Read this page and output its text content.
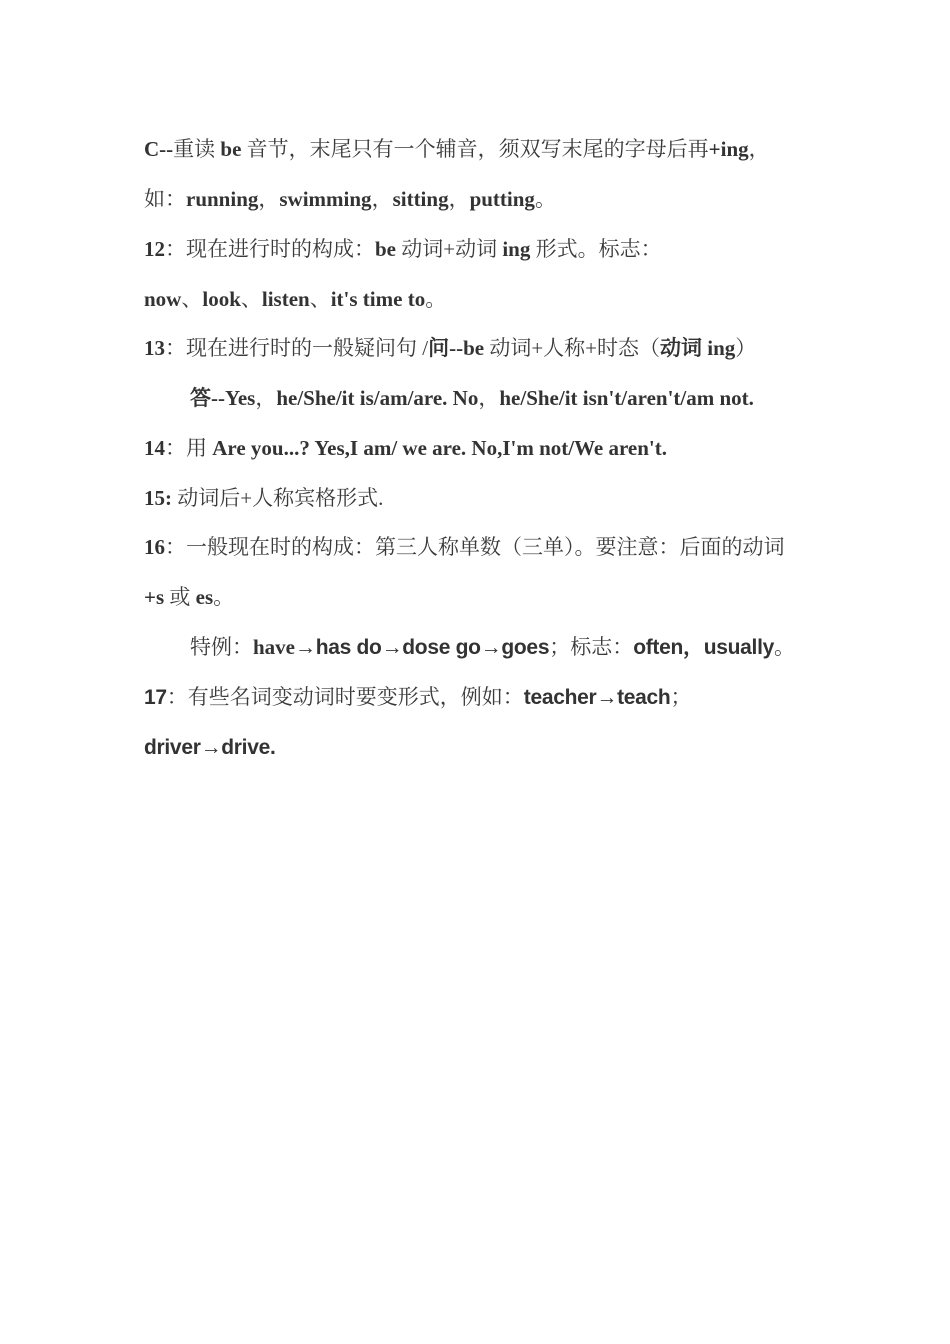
C--重读 be 音节，末尾只有一个辅音，须双写末尾的字母后再+ing，
如：running，swimming，sitting，putting。
12：现在进行时的构成：be 动词+动词 ing 形式。标志：
now、look、listen、it's time to。
13：现在进行时的一般疑问句 /问--be 动词+人称+时态（动词 ing）
答--Yes，he/She/it is/am/are. No，he/She/it isn't/aren't/am not.
14：用 Are you...? Yes,I am/ we are. No,I'm not/We aren't.
15: 动词后+人称宾格形式.
16：一般现在时的构成：第三人称单数（三单）。要注意：后面的动词
+s 或 es。
特例：have→has do→dose go→goes；标志：often，usually。
17：有些名词变动词时要变形式，例如：teacher→teach；
driver→drive.
